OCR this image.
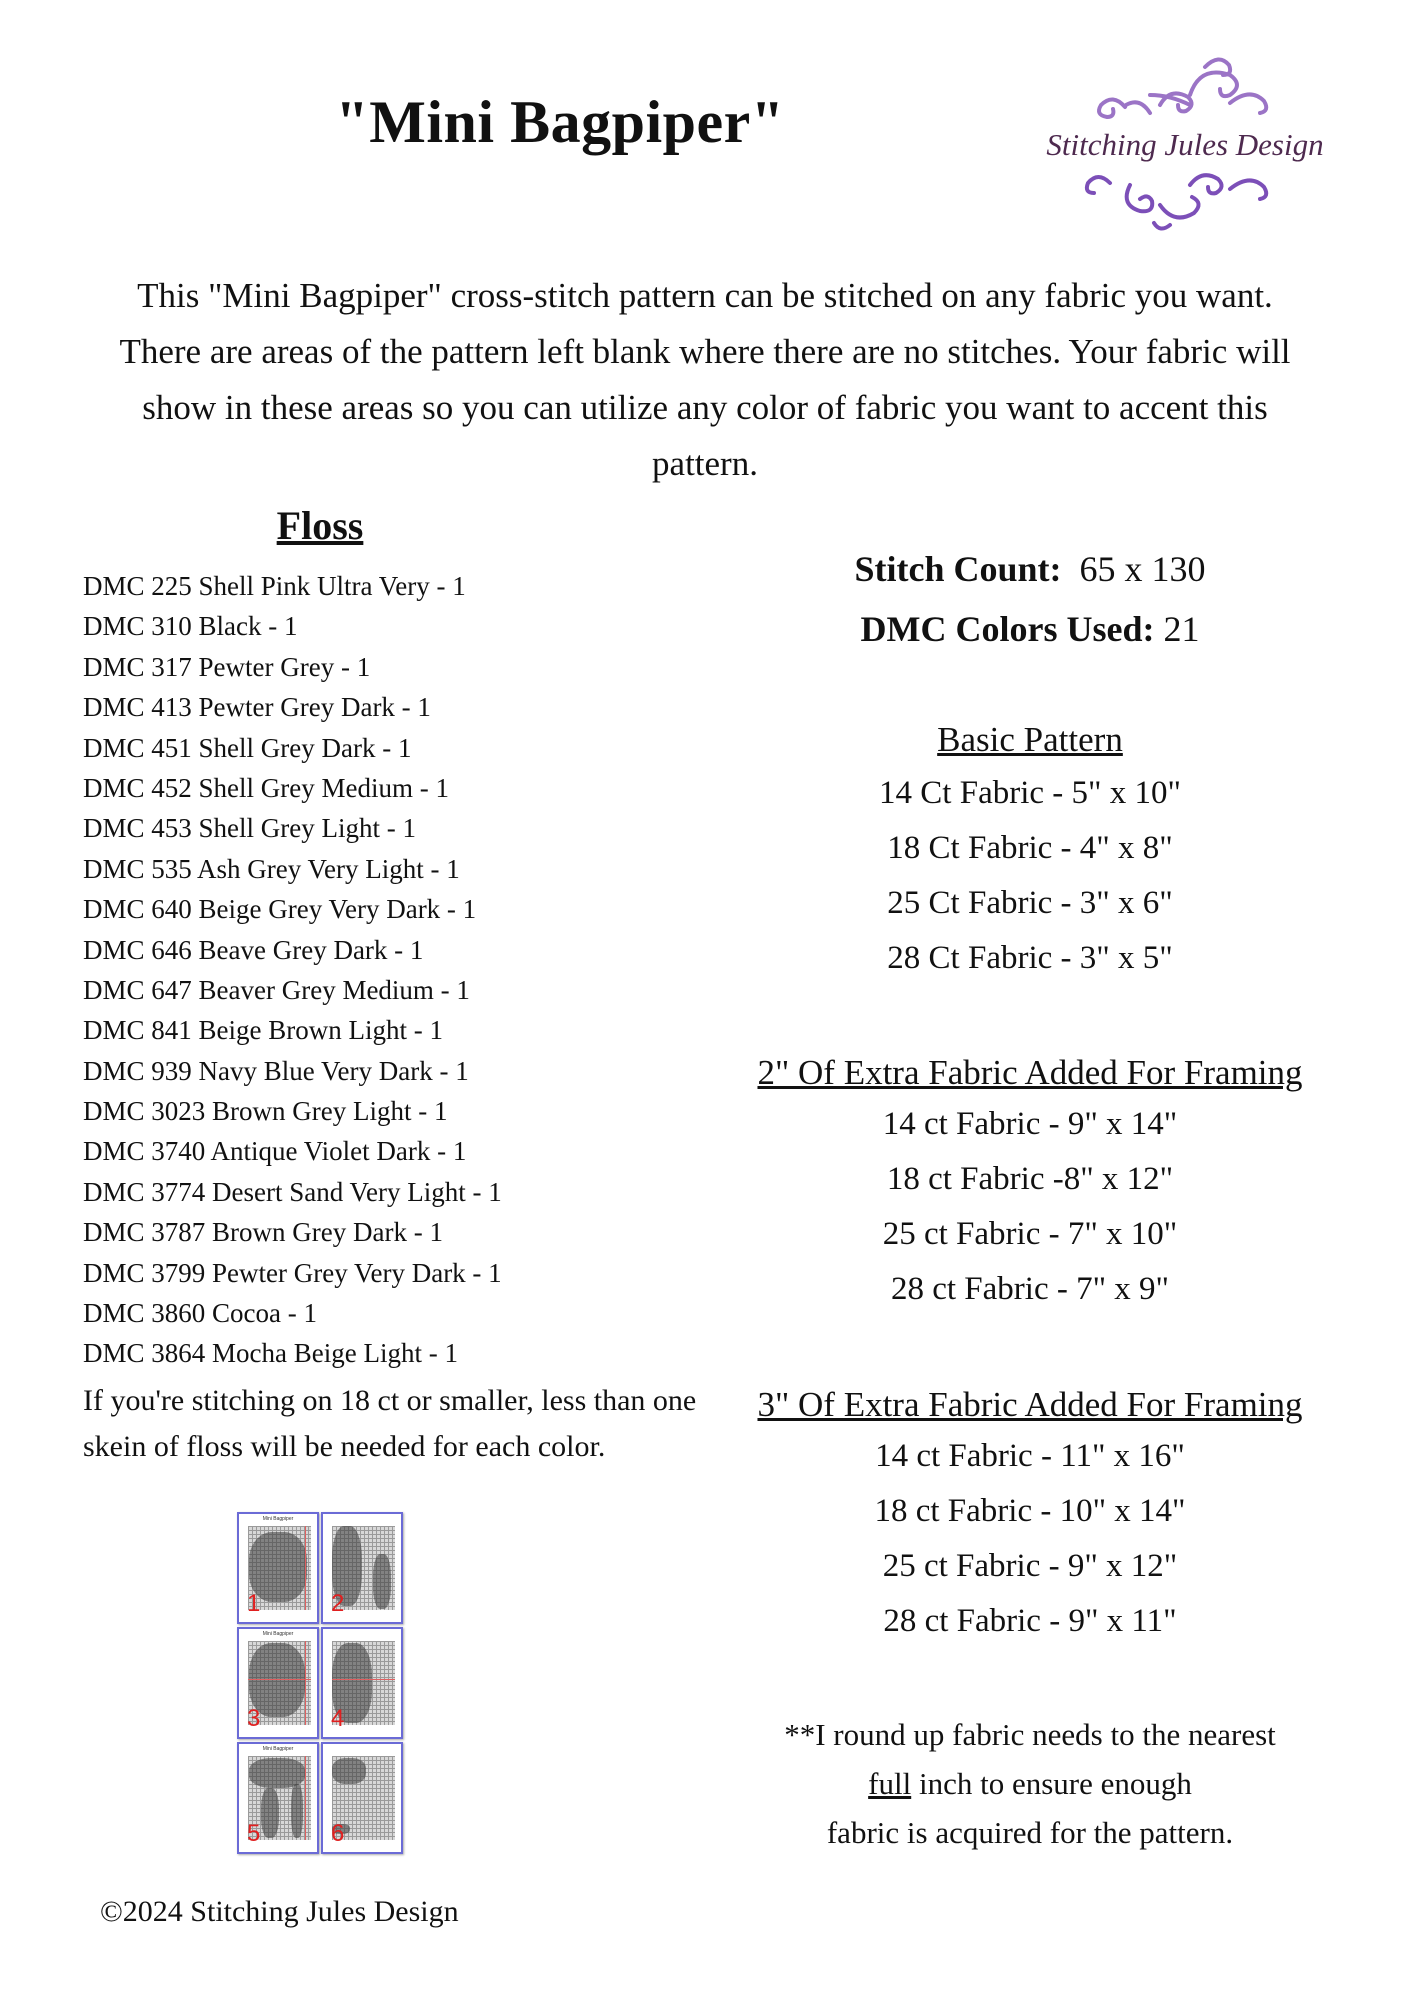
"Mini Bagpiper"	Stitching Jules Design

This "Mini Bagpiper" cross-stitch pattern can be stitched on any fabric you want. There are areas of the pattern left blank where there are no stitches. Your fabric will show in these areas so you can utilize any color of fabric you want to accent this pattern.

Floss
DMC 225 Shell Pink Ultra Very - 1
DMC 310 Black - 1
DMC 317 Pewter Grey - 1
DMC 413 Pewter Grey Dark - 1
DMC 451 Shell Grey Dark - 1
DMC 452 Shell Grey Medium - 1
DMC 453 Shell Grey Light - 1
DMC 535 Ash Grey Very Light - 1
DMC 640 Beige Grey Very Dark - 1
DMC 646 Beave Grey Dark - 1
DMC 647 Beaver Grey Medium - 1
DMC 841 Beige Brown Light - 1
DMC 939 Navy Blue Very Dark - 1
DMC 3023 Brown Grey Light - 1
DMC 3740 Antique Violet Dark - 1
DMC 3774 Desert Sand Very Light - 1
DMC 3787 Brown Grey Dark - 1
DMC 3799 Pewter Grey Very Dark - 1
DMC 3860 Cocoa - 1
DMC 3864 Mocha Beige Light - 1

If you're stitching on 18 ct or smaller, less than one skein of floss will be needed for each color.

Mini Bagpiper
1	2
Mini Bagpiper
3	4
Mini Bagpiper
5	6
Stitch Count: 65 x 130
DMC Colors Used: 21
Basic Pattern
14 Ct Fabric - 5" x 10"
18 Ct Fabric - 4" x 8"
25 Ct Fabric - 3" x 6"
28 Ct Fabric - 3" x 5"
2" Of Extra Fabric Added For Framing
14 ct Fabric - 9" x 14"
18 ct Fabric -8" x 12"
25 ct Fabric - 7" x 10"
28 ct Fabric - 7" x 9"
3" Of Extra Fabric Added For Framing
14 ct Fabric - 11" x 16"
18 ct Fabric - 10" x 14"
25 ct Fabric - 9" x 12"
28 ct Fabric - 9" x 11"
**I round up fabric needs to the nearest
full inch to ensure enough
fabric is acquired for the pattern.
©2024 Stitching Jules Design
